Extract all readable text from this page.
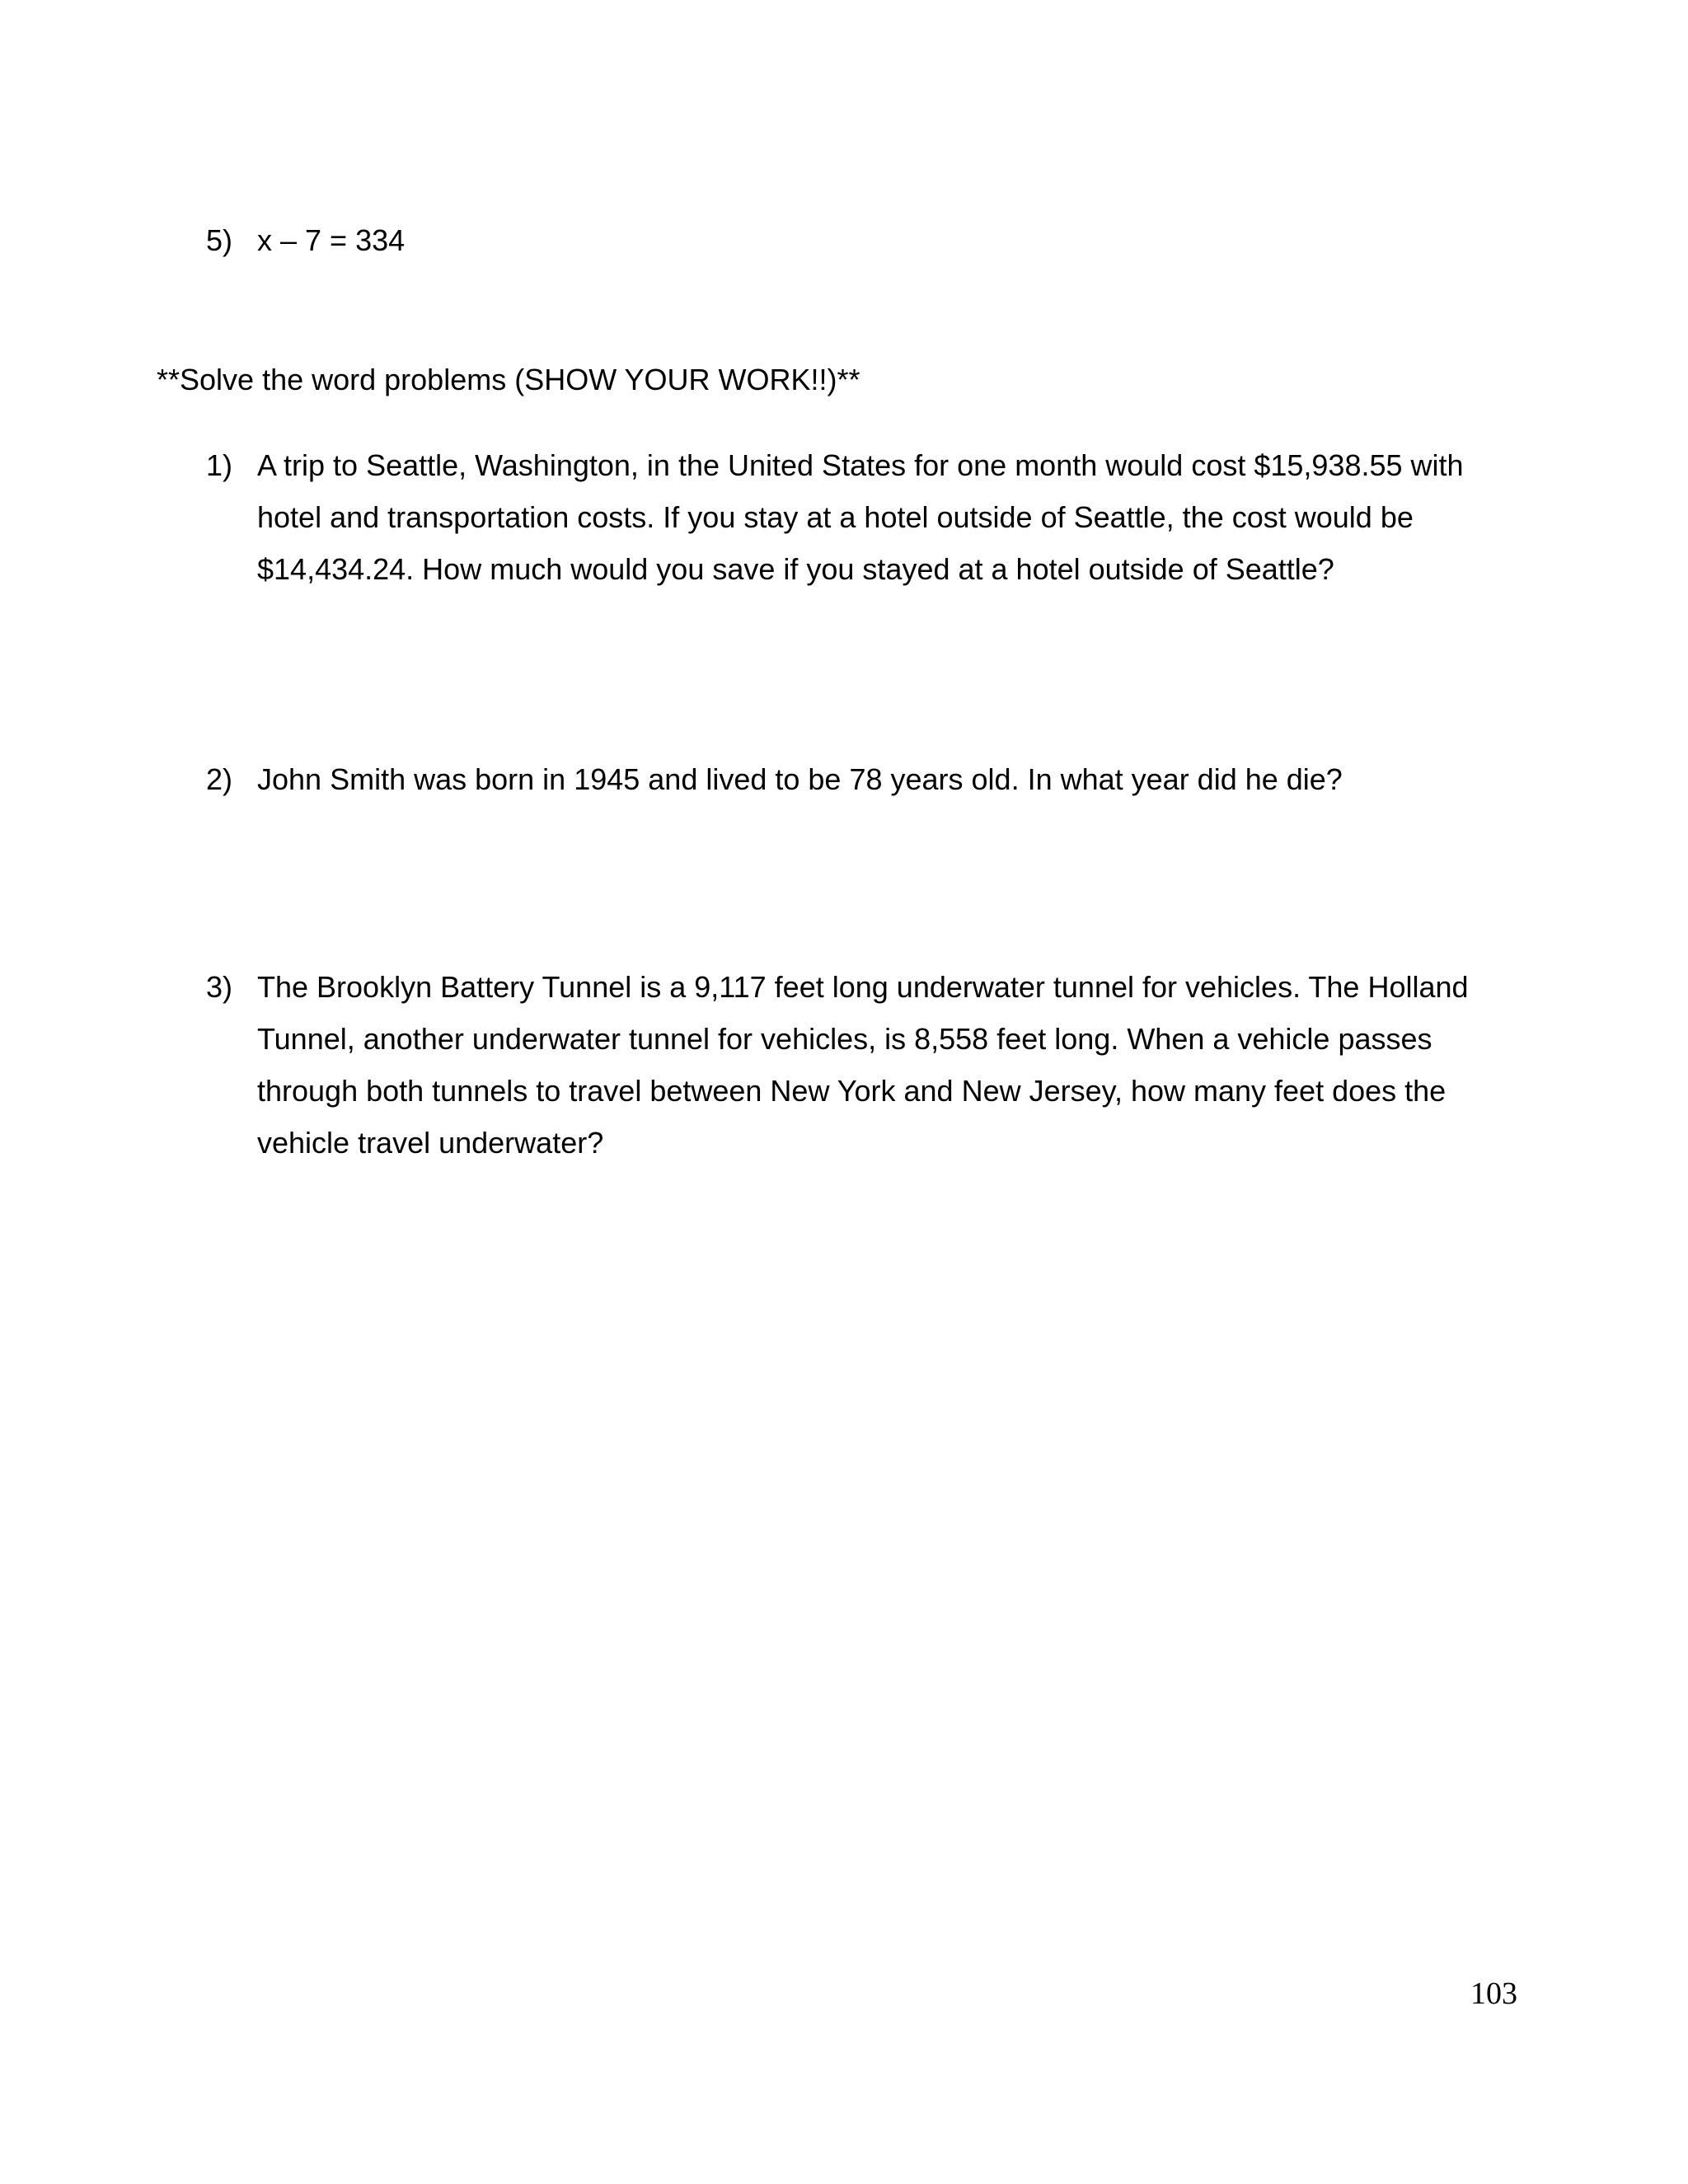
5) x – 7 = 334
**Solve the word problems (SHOW YOUR WORK!!)**
1) A trip to Seattle, Washington, in the United States for one month would cost $15,938.55 with hotel and transportation costs. If you stay at a hotel outside of Seattle, the cost would be $14,434.24. How much would you save if you stayed at a hotel outside of Seattle?
2) John Smith was born in 1945 and lived to be 78 years old. In what year did he die?
3) The Brooklyn Battery Tunnel is a 9,117 feet long underwater tunnel for vehicles. The Holland Tunnel, another underwater tunnel for vehicles, is 8,558 feet long. When a vehicle passes through both tunnels to travel between New York and New Jersey, how many feet does the vehicle travel underwater?
103
